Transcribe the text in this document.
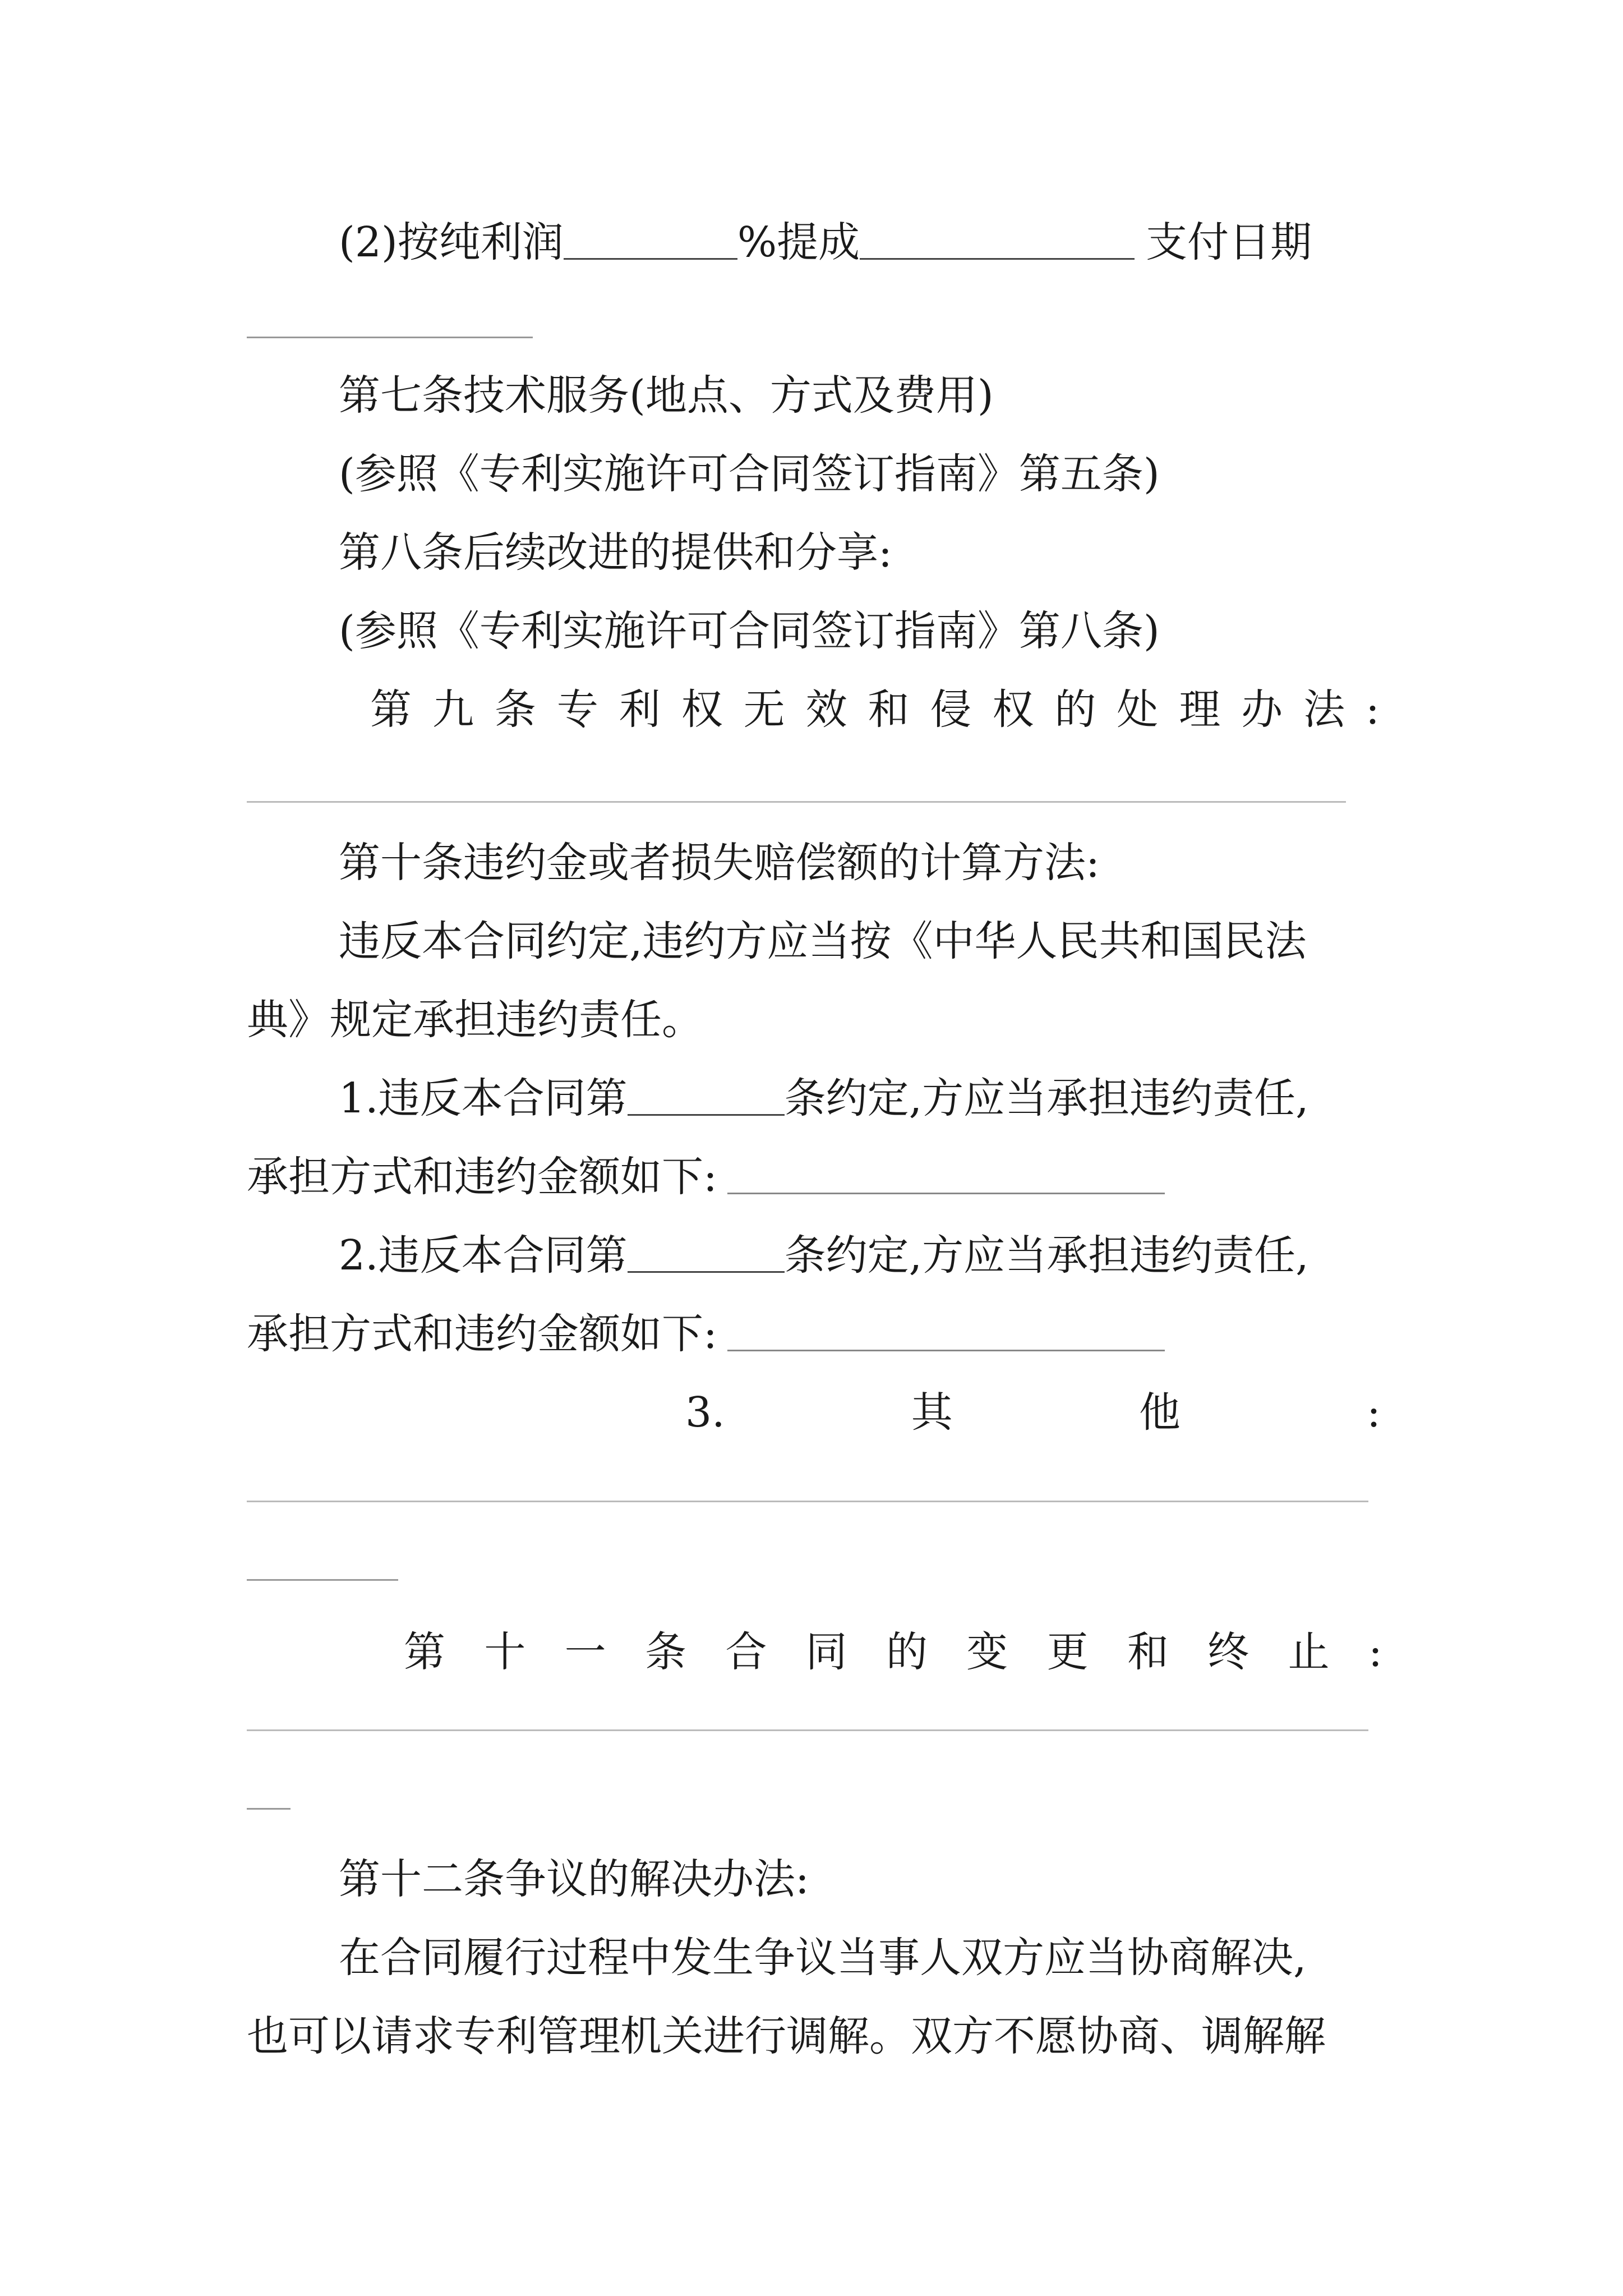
(2)按纯利润	%提成	支付日期
第七条技术服务(地点、方式及费用)
(参照《专利实施许可合同签订指南》第五条)
第八条后续改进的提供和分享:
(参照《专利实施许可合同签订指南》第八条)
第 九 条 专 利 权 无 效 和 侵 权 的 处 理 办 法 :
第十条违约金或者损失赔偿额的计算方法:
违反本合同约定,违约方应当按《中华人民共和国民法
典》规定承担违约责任。
1.违反本合同第	条约定,方应当承担违约责任,
承担方式和违约金额如下:
2.违反本合同第	条约定,方应当承担违约责任,
承担方式和违约金额如下:
3.	其	他	:
第 十 一 条 合 同 的 变 更 和 终 止 :
第十二条争议的解决办法:
在合同履行过程中发生争议当事人双方应当协商解决,
也可以请求专利管理机关进行调解。双方不愿协商、调解解
